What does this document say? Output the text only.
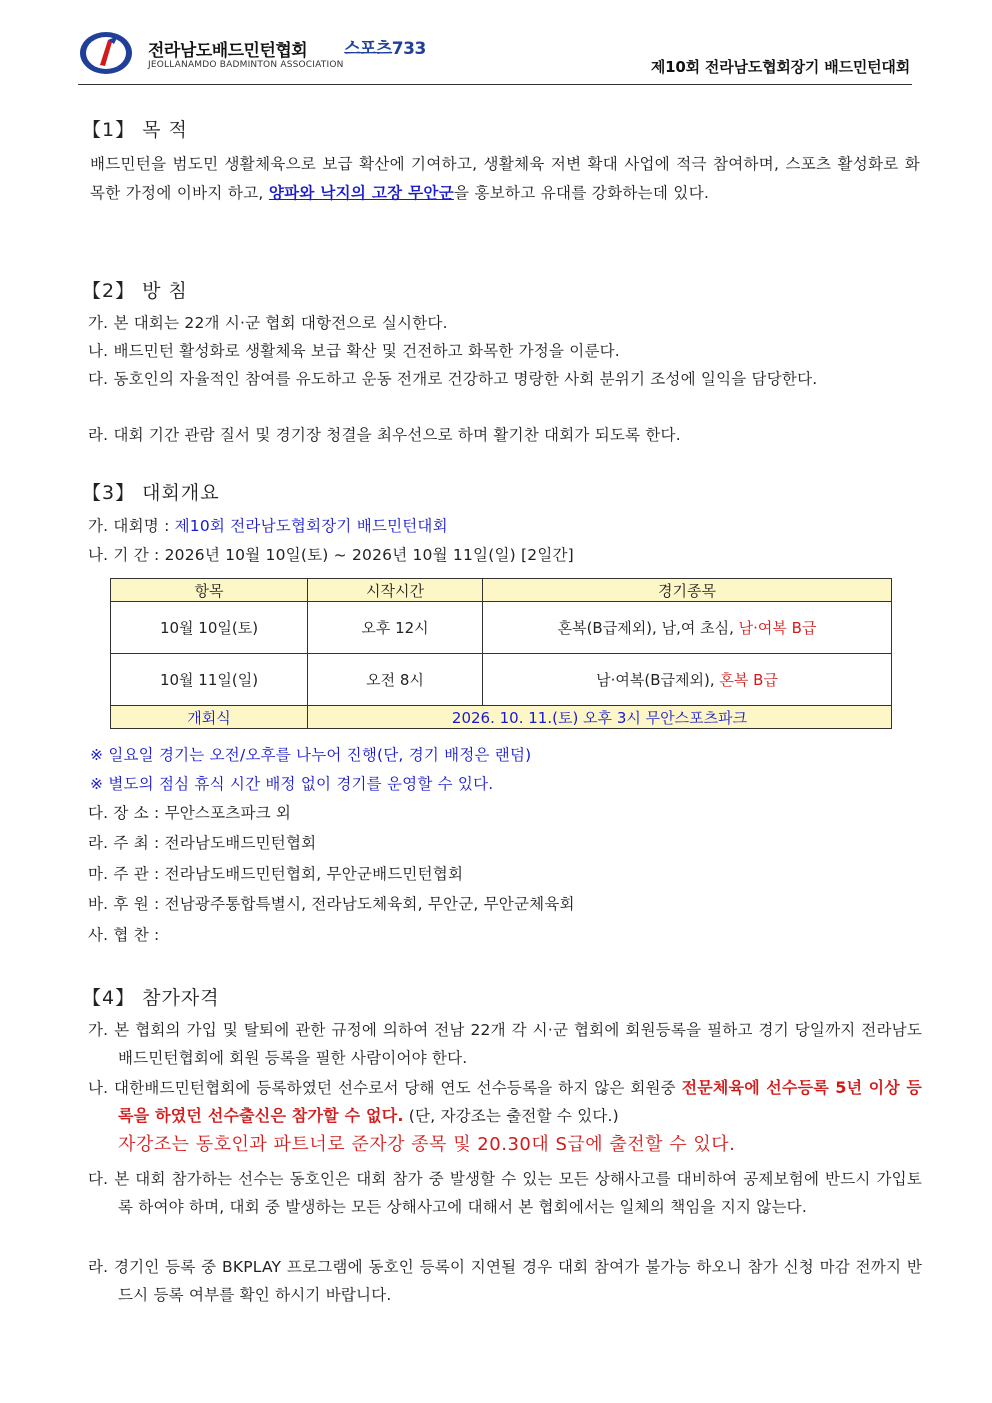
전라남도배드민턴협회
JEOLLANAMDO BADMINTON ASSOCIATION
스포츠733
제10회 전라남도협회장기 배드민턴대회
【1】 목 적
배드민턴을 범도민 생활체육으로 보급 확산에 기여하고, 생활체육 저변 확대 사업에 적극 참여하며, 스포츠 활성화로 화목한 가정에 이바지 하고, 양파와 낙지의 고장 무안군을 홍보하고 유대를 강화하는데 있다.
【2】 방 침
가. 본 대회는 22개 시·군 협회 대항전으로 실시한다.
나. 배드민턴 활성화로 생활체육 보급 확산 및 건전하고 화목한 가정을 이룬다.
다. 동호인의 자율적인 참여를 유도하고 운동 전개로 건강하고 명랑한 사회 분위기 조성에 일익을 담당한다.
라. 대회 기간 관람 질서 및 경기장 청결을 최우선으로 하며 활기찬 대회가 되도록 한다.
【3】 대회개요
가. 대회명 : 제10회 전라남도협회장기 배드민턴대회
나. 기 간 : 2026년 10월 10일(토) ~ 2026년 10월 11일(일) [2일간]
항목	시작시간	경기종목
10월 10일(토)	오후 12시	혼복(B급제외), 남,여 초심, 남·여복 B급
10월 11일(일)	오전 8시	남·여복(B급제외), 혼복 B급
개회식	2026. 10. 11.(토) 오후 3시 무안스포츠파크	
※ 일요일 경기는 오전/오후를 나누어 진행(단, 경기 배정은 랜덤)
※ 별도의 점심 휴식 시간 배정 없이 경기를 운영할 수 있다.
다. 장 소 : 무안스포츠파크 외
라. 주 최 : 전라남도배드민턴협회
마. 주 관 : 전라남도배드민턴협회, 무안군배드민턴협회
바. 후 원 : 전남광주통합특별시, 전라남도체육회, 무안군, 무안군체육회
사. 협 찬 :
【4】 참가자격
가. 본 협회의 가입 및 탈퇴에 관한 규정에 의하여 전남 22개 각 시·군 협회에 회원등록을 필하고 경기 당일까지 전라남도배드민턴협회에 회원 등록을 필한 사람이어야 한다.
나. 대한배드민턴협회에 등록하였던 선수로서 당해 연도 선수등록을 하지 않은 회원중 전문체육에 선수등록 5년 이상 등록을 하였던 선수출신은 참가할 수 없다. (단, 자강조는 출전할 수 있다.)
자강조는 동호인과 파트너로 준자강 종목 및 20.30대 S급에 출전할 수 있다.
다. 본 대회 참가하는 선수는 동호인은 대회 참가 중 발생할 수 있는 모든 상해사고를 대비하여 공제보험에 반드시 가입토록 하여야 하며, 대회 중 발생하는 모든 상해사고에 대해서 본 협회에서는 일체의 책임을 지지 않는다.
라. 경기인 등록 중 BKPLAY 프로그램에 동호인 등록이 지연될 경우 대회 참여가 불가능 하오니 참가 신청 마감 전까지 반드시 등록 여부를 확인 하시기 바랍니다.
